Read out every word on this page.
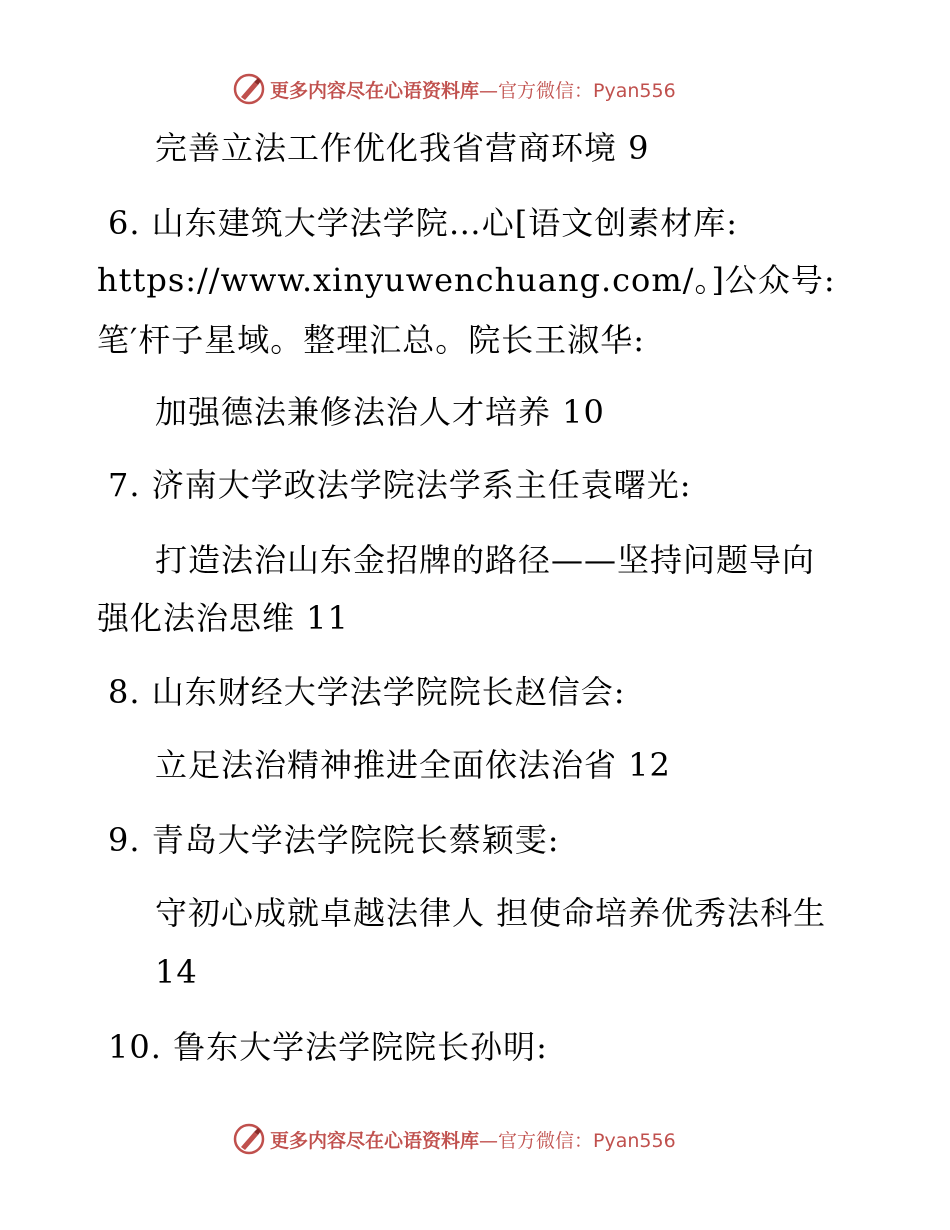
更多内容尽在心语资料库 —官方微信：Pyan556
完善立法工作优化我省营商环境 9
6. 山东建筑大学法学院…心[语文创素材库:
https://www.xinyuwenchuang.com/。]公众号:
笔′杆子星域。整理汇总。院长王淑华:
加强德法兼修法治人才培养 10
7. 济南大学政法学院法学系主任袁曙光:
打造法治山东金招牌的路径——坚持问题导向
强化法治思维 11
8. 山东财经大学法学院院长赵信会:
立足法治精神推进全面依法治省 12
9. 青岛大学法学院院长蔡颖雯:
守初心成就卓越法律人 担使命培养优秀法科生
14
10. 鲁东大学法学院院长孙明:
更多内容尽在心语资料库 —官方微信：Pyan556
